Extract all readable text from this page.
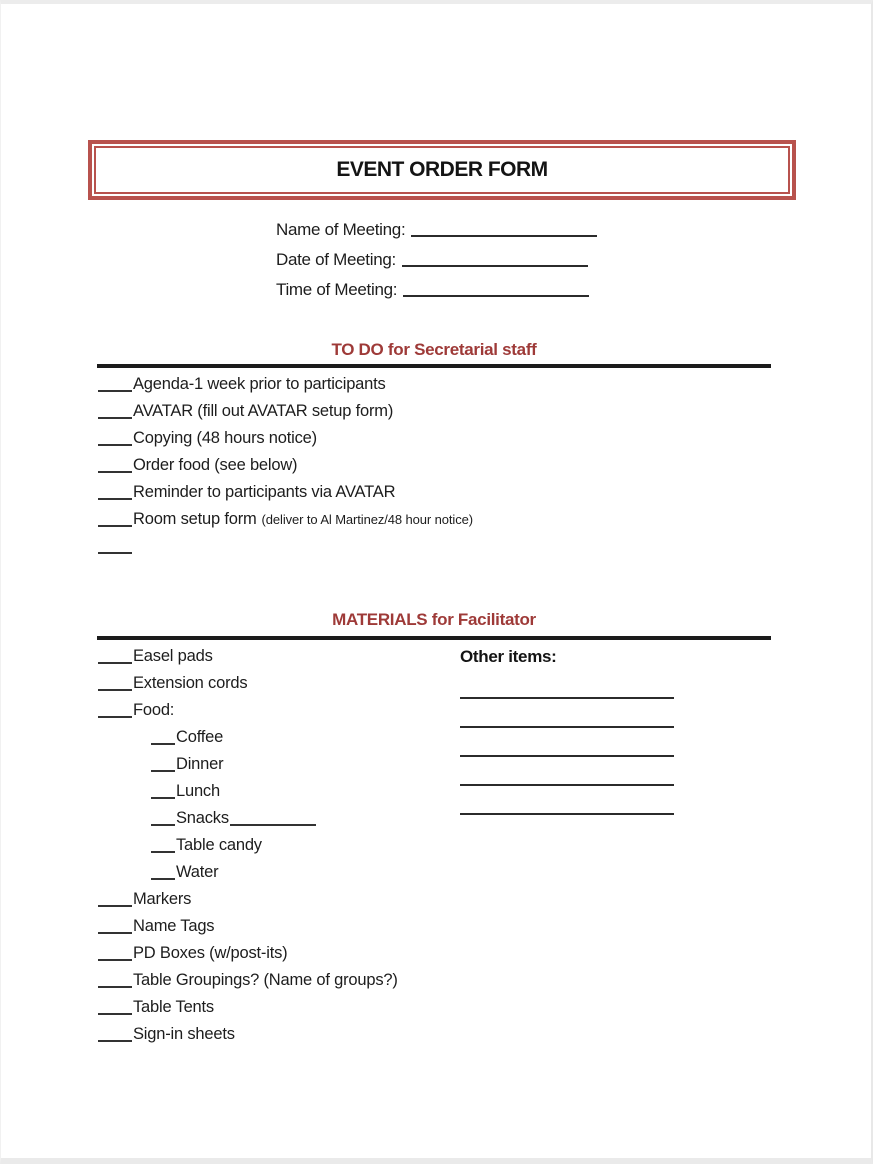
EVENT ORDER FORM
Name of Meeting:
Date of Meeting:
Time of Meeting:
TO DO for Secretarial staff
Agenda-1 week prior to participants
AVATAR (fill out AVATAR setup form)
Copying (48 hours notice)
Order food (see below)
Reminder to participants via AVATAR
Room setup form (deliver to Al Martinez/48 hour notice)
MATERIALS for Facilitator
Easel pads
Extension cords
Food:
Coffee
Dinner
Lunch
Snacks
Table candy
Water
Markers
Name Tags
PD Boxes (w/post-its)
Table Groupings? (Name of groups?)
Table Tents
Sign-in sheets
Other items:
